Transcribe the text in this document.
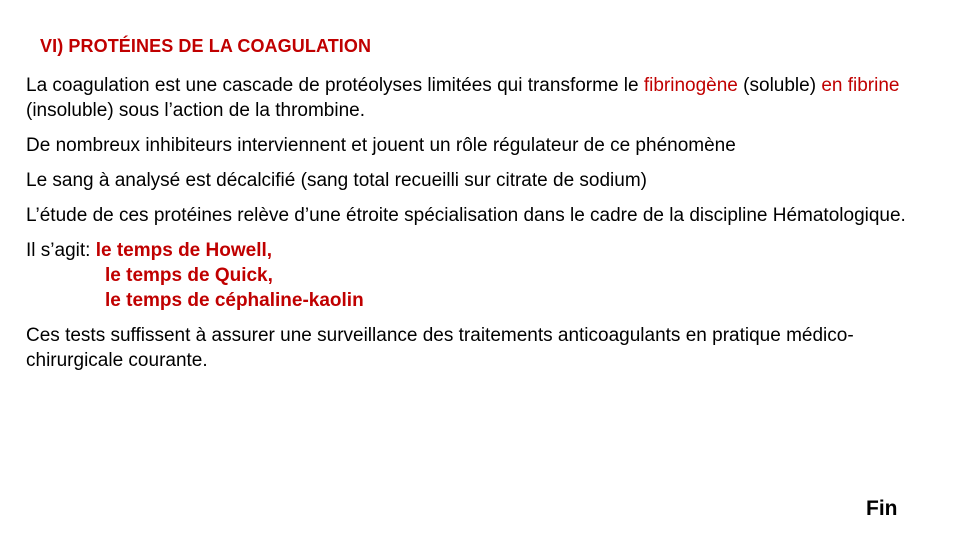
VI) PROTÉINES DE LA COAGULATION

La coagulation est une cascade de protéolyses limitées qui transforme le fibrinogène (soluble) en fibrine (insoluble) sous l’action de la thrombine.

De nombreux inhibiteurs interviennent et jouent un rôle régulateur de ce phénomène

Le sang à analysé est décalcifié (sang total recueilli sur citrate de sodium)

L’étude de ces protéines relève d’une étroite spécialisation dans le cadre de la discipline Hématologique.

Il s’agit: le temps de Howell,
le temps de Quick,
le temps de céphaline-kaolin

Ces tests suffissent à assurer une surveillance des traitements anticoagulants en pratique médico-chirurgicale courante.

Fin
